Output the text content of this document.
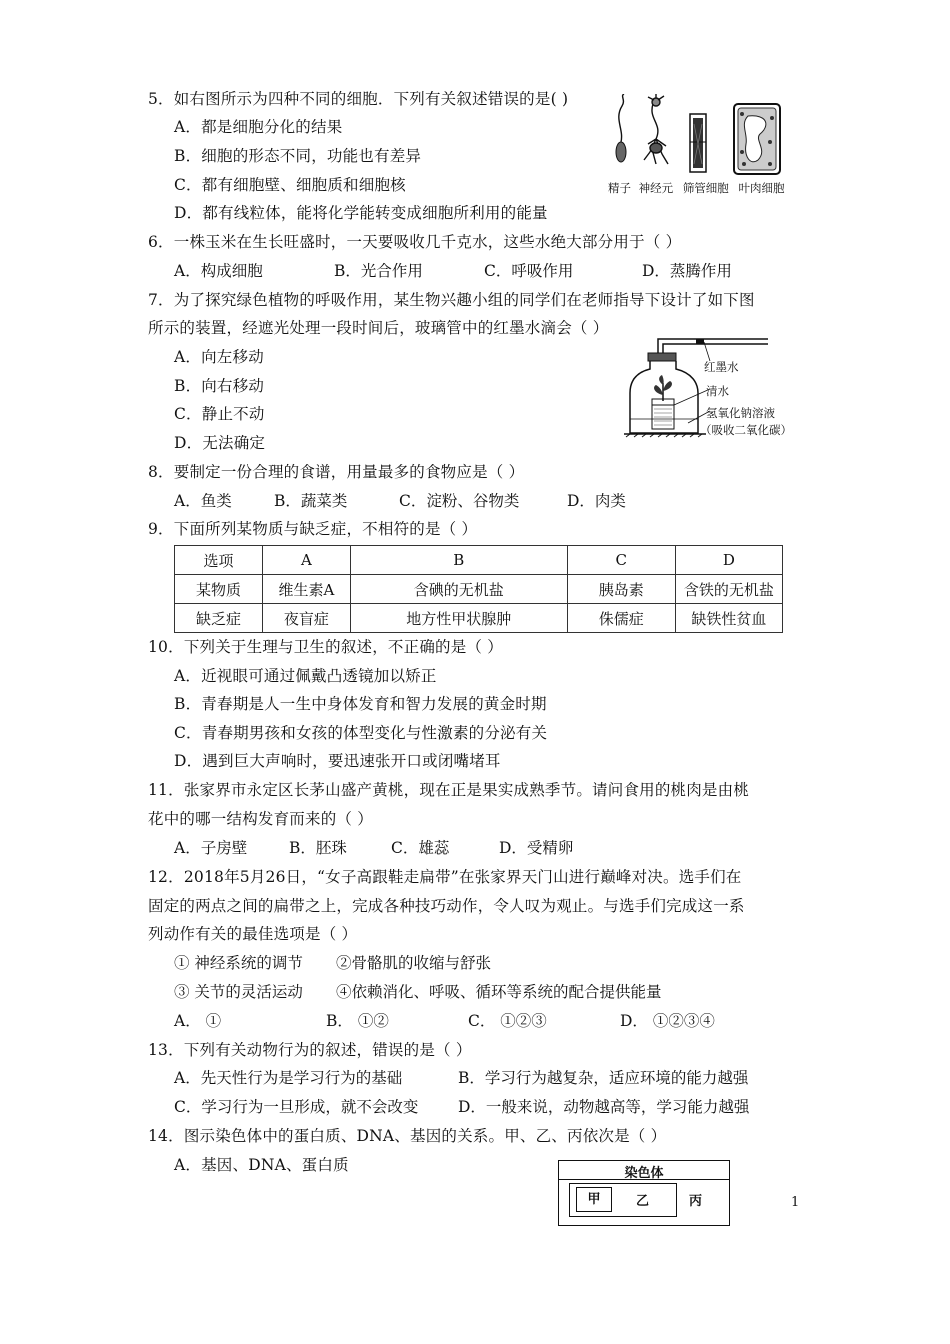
5．如右图所示为四种不同的细胞．下列有关叙述错误的是( )
A．都是细胞分化的结果
B．细胞的形态不同，功能也有差异
C．都有细胞壁、细胞质和细胞核
D．都有线粒体，能将化学能转变成细胞所利用的能量
精子 神经元 筛管细胞 叶肉细胞
6．一株玉米在生长旺盛时，一天要吸收几千克水，这些水绝大部分用于（ ）
A．构成细胞	B．光合作用	C．呼吸作用	D．蒸腾作用
7．为了探究绿色植物的呼吸作用，某生物兴趣小组的同学们在老师指导下设计了如下图
所示的装置，经遮光处理一段时间后，玻璃管中的红墨水滴会（ ）
A．向左移动
B．向右移动
C．静止不动
D．无法确定
红墨水
清水
氢氧化钠溶液
（吸收二氧化碳）
8．要制定一份合理的食谱，用量最多的食物应是（ ）
A．鱼类	B．蔬菜类	C．淀粉、谷物类	D．肉类
9．下面所列某物质与缺乏症，不相符的是（ ）
选项	A	B	C	D
某物质	维生素A	含碘的无机盐	胰岛素	含铁的无机盐
缺乏症	夜盲症	地方性甲状腺肿	侏儒症	缺铁性贫血
10．下列关于生理与卫生的叙述，不正确的是（ ）
A．近视眼可通过佩戴凸透镜加以矫正
B．青春期是人一生中身体发育和智力发展的黄金时期
C．青春期男孩和女孩的体型变化与性激素的分泌有关
D．遇到巨大声响时，要迅速张开口或闭嘴堵耳
11．张家界市永定区长茅山盛产黄桃，现在正是果实成熟季节。请问食用的桃肉是由桃
花中的哪一结构发育而来的（ ）
A．子房壁	B．胚珠	C．雄蕊	D．受精卵
12．2018年5月26日，“女子高跟鞋走扁带”在张家界天门山进行巅峰对决。选手们在
固定的两点之间的扁带之上，完成各种技巧动作，令人叹为观止。与选手们完成这一系
列动作有关的最佳选项是（ ）
① 神经系统的调节 ②骨骼肌的收缩与舒张
③ 关节的灵活运动 ④依赖消化、呼吸、循环等系统的配合提供能量
A． ①	B． ①②	C． ①②③	D． ①②③④
13．下列有关动物行为的叙述，错误的是（ ）
A．先天性行为是学习行为的基础	B．学习行为越复杂，适应环境的能力越强
C．学习行为一旦形成，就不会改变	D．一般来说，动物越高等，学习能力越强
14．图示染色体中的蛋白质、DNA、基因的关系。甲、乙、丙依次是（ ）
A．基因、DNA、蛋白质	染色体
甲	乙	丙	1
